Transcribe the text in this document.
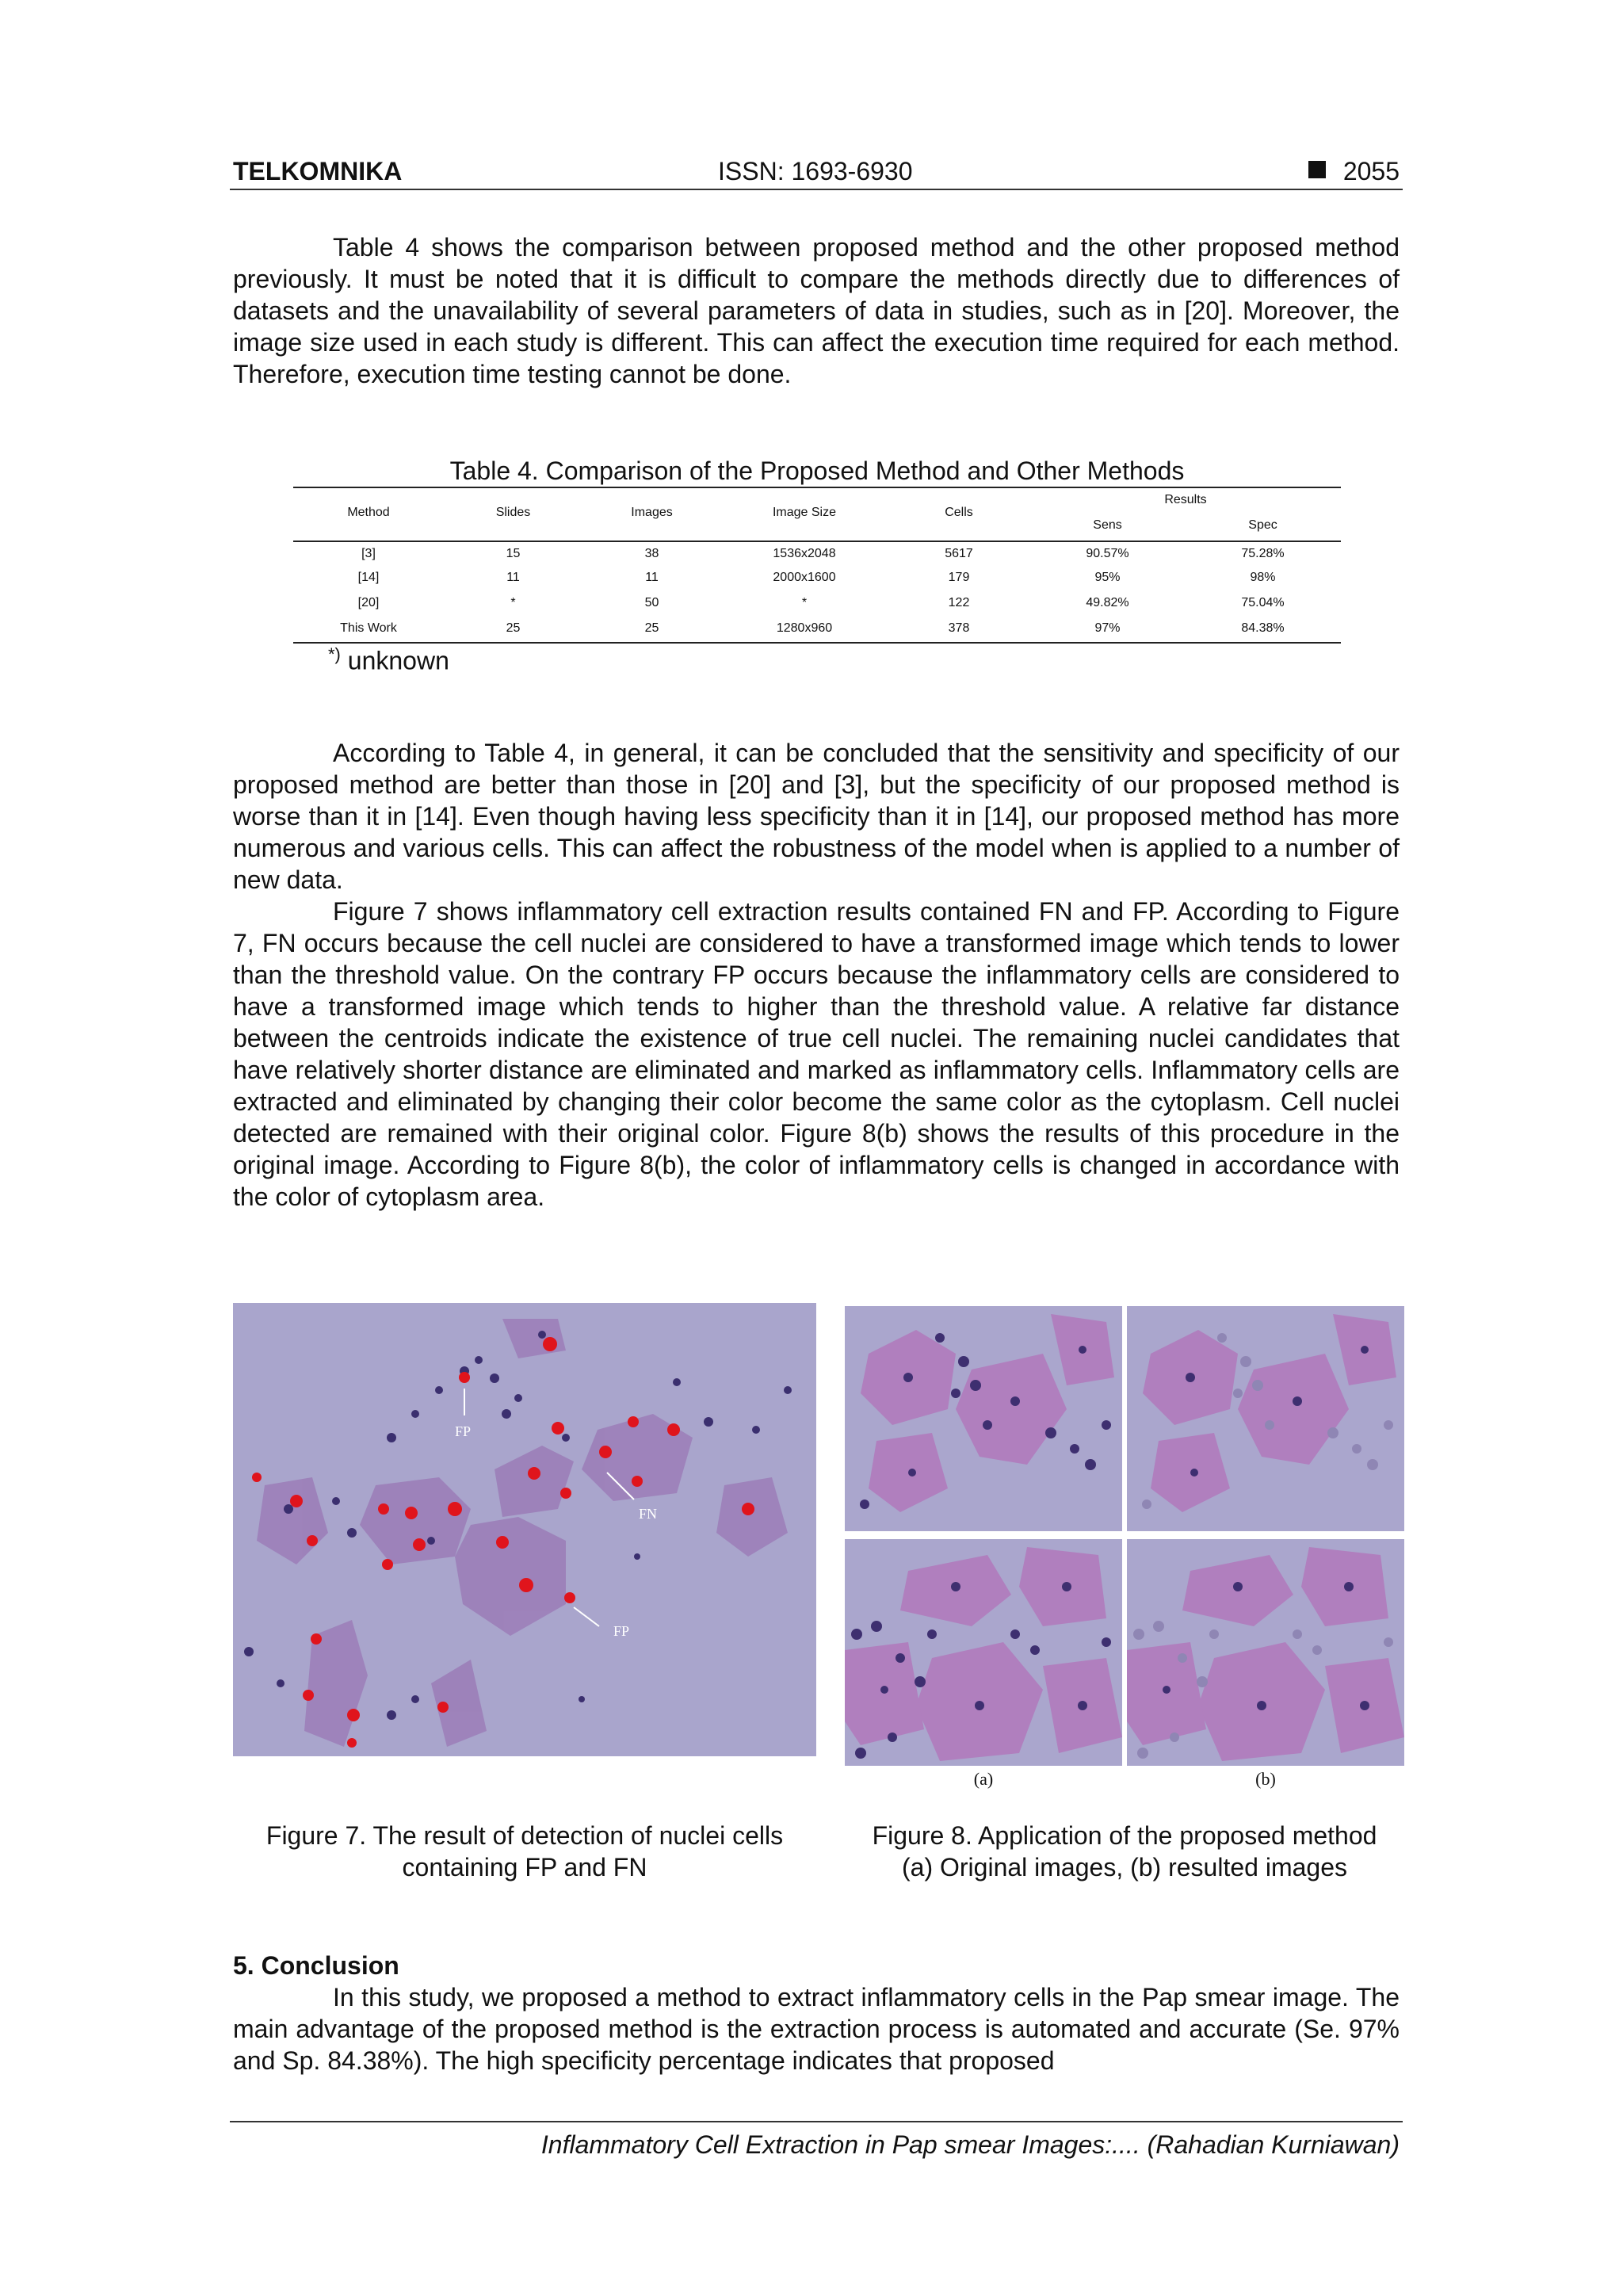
TELKOMNIKA	ISSN: 1693-6930	2055

Table 4 shows the comparison between proposed method and the other proposed method previously. It must be noted that it is difficult to compare the methods directly due to differences of datasets and the unavailability of several parameters of data in studies, such as in [20]. Moreover, the image size used in each study is different. This can affect the execution time required for each method. Therefore, execution time testing cannot be done.

Table 4. Comparison of the Proposed Method and Other Methods
Method	Slides	Images	Image Size	Cells
Results
Sens	Spec
[3]	15	38	1536x2048	5617	90.57%	75.28%
[14]	11	11	2000x1600	179	95%	98%
[20]	*	50	*	122	49.82%	75.04%
This Work	25	25	1280x960	378	97%	84.38%
*) unknown

According to Table 4, in general, it can be concluded that the sensitivity and specificity of our proposed method are better than those in [20] and [3], but the specificity of our proposed method is worse than it in [14]. Even though having less specificity than it in [14], our proposed method has more numerous and various cells. This can affect the robustness of the model when is applied to a number of new data.

Figure 7 shows inflammatory cell extraction results contained FN and FP. According to Figure 7, FN occurs because the cell nuclei are considered to have a transformed image which tends to lower than the threshold value. On the contrary FP occurs because the inflammatory cells are considered to have a transformed image which tends to higher than the threshold value. A relative far distance between the centroids indicate the existence of true cell nuclei. The remaining nuclei candidates that have relatively shorter distance are eliminated and marked as inflammatory cells. Inflammatory cells are extracted and eliminated by changing their color become the same color as the cytoplasm. Cell nuclei detected are remained with their original color. Figure 8(b) shows the results of this procedure in the original image. According to Figure 8(b), the color of inflammatory cells is changed in accordance with the color of cytoplasm area.

FP
FN
FP
(a)	(b)
Figure 7. The result of detection of nuclei cells
containing FP and FN
Figure 8. Application of the proposed method
(a) Original images, (b) resulted images
5. Conclusion

In this study, we proposed a method to extract inflammatory cells in the Pap smear image. The main advantage of the proposed method is the extraction process is automated and accurate (Se. 97% and Sp. 84.38%). The high specificity percentage indicates that proposed

Inflammatory Cell Extraction in Pap smear Images:.... (Rahadian Kurniawan)
